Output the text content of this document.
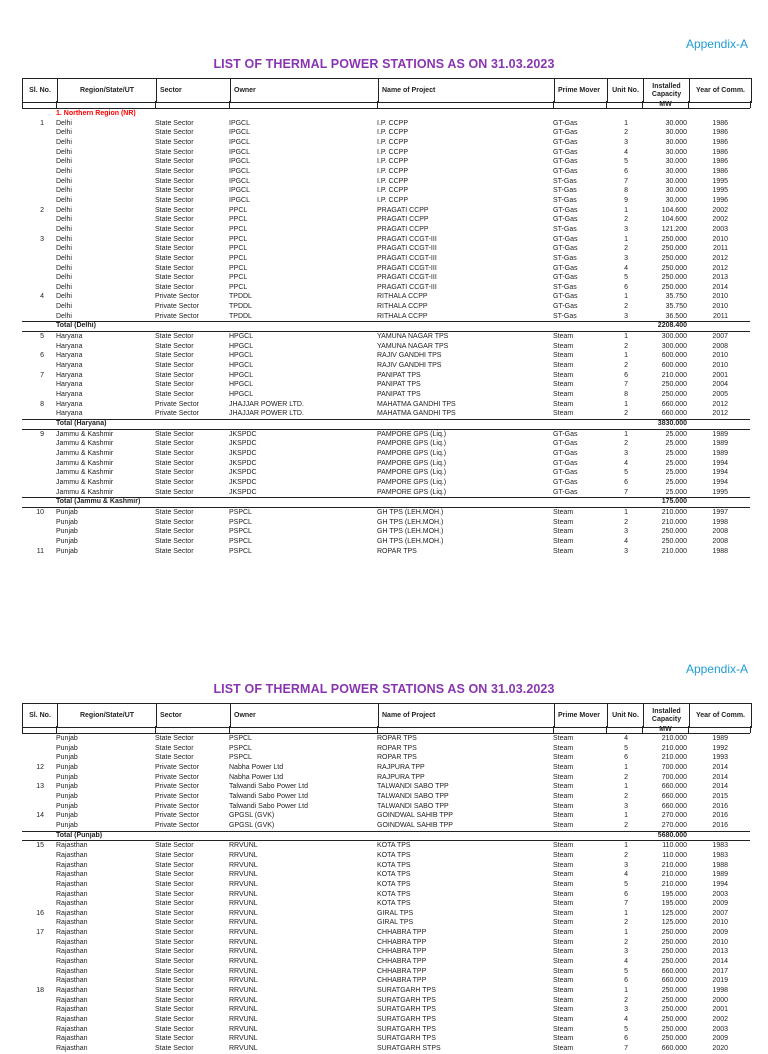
Appendix-A
LIST OF THERMAL POWER STATIONS AS ON 31.03.2023
Sl. No.	Region/State/UT	Sector	Owner	Name of Project	Prime Mover	Unit No.
Installed Capacity	Year of Comm.
MW
1. Northern Region (NR)
1 Delhi	State Sector	IPGCL	I.P. CCPP	GT-Gas	1	30.000	1986
Delhi	State Sector	IPGCL	I.P. CCPP	GT-Gas	2	30.000	1986
Delhi	State Sector	IPGCL	I.P. CCPP	GT-Gas	3	30.000	1986
Delhi	State Sector	IPGCL	I.P. CCPP	GT-Gas	4	30.000	1986
Delhi	State Sector	IPGCL	I.P. CCPP	GT-Gas	5	30.000	1986
Delhi	State Sector	IPGCL	I.P. CCPP	GT-Gas	6	30.000	1986
Delhi	State Sector	IPGCL	I.P. CCPP	ST-Gas	7	30.000	1995
Delhi	State Sector	IPGCL	I.P. CCPP	ST-Gas	8	30.000	1995
Delhi	State Sector	IPGCL	I.P. CCPP	ST-Gas	9	30.000	1996
2 Delhi	State Sector	PPCL	PRAGATI CCPP	GT-Gas	1	104.600	2002
Delhi	State Sector	PPCL	PRAGATI CCPP	GT-Gas	2	104.600	2002
Delhi	State Sector	PPCL	PRAGATI CCPP	ST-Gas	3	121.200	2003
3 Delhi	State Sector	PPCL	PRAGATI CCGT-III	GT-Gas	1	250.000	2010
Delhi	State Sector	PPCL	PRAGATI CCGT-III	GT-Gas	2	250.000	2011
Delhi	State Sector	PPCL	PRAGATI CCGT-III	ST-Gas	3	250.000	2012
Delhi	State Sector	PPCL	PRAGATI CCGT-III	GT-Gas	4	250.000	2012
Delhi	State Sector	PPCL	PRAGATI CCGT-III	GT-Gas	5	250.000	2013
Delhi	State Sector	PPCL	PRAGATI CCGT-III	ST-Gas	6	250.000	2014
4 Delhi	Private Sector	TPDDL	RITHALA CCPP	GT-Gas	1	35.750	2010
Delhi	Private Sector	TPDDL	RITHALA CCPP	GT-Gas	2	35.750	2010
Delhi	Private Sector	TPDDL	RITHALA CCPP	ST-Gas	3	36.500	2011
Total (Delhi)	2208.400
5 Haryana	State Sector	HPGCL	YAMUNA NAGAR TPS	Steam	1	300.000	2007
Haryana	State Sector	HPGCL	YAMUNA NAGAR TPS	Steam	2	300.000	2008
6 Haryana	State Sector	HPGCL	RAJIV GANDHI TPS	Steam	1	600.000	2010
Haryana	State Sector	HPGCL	RAJIV GANDHI TPS	Steam	2	600.000	2010
7 Haryana	State Sector	HPGCL	PANIPAT TPS	Steam	6	210.000	2001
Haryana	State Sector	HPGCL	PANIPAT TPS	Steam	7	250.000	2004
Haryana	State Sector	HPGCL	PANIPAT TPS	Steam	8	250.000	2005
8 Haryana	Private Sector	JHAJJAR POWER LTD.	MAHATMA GANDHI TPS	Steam	1	660.000	2012
Haryana	Private Sector	JHAJJAR POWER LTD.	MAHATMA GANDHI TPS	Steam	2	660.000	2012
Total (Haryana)	3830.000
9 Jammu & Kashmir	State Sector	JKSPDC	PAMPORE GPS (Liq.)	GT-Gas	1	25.000	1989
Jammu & Kashmir	State Sector	JKSPDC	PAMPORE GPS (Liq.)	GT-Gas	2	25.000	1989
Jammu & Kashmir	State Sector	JKSPDC	PAMPORE GPS (Liq.)	GT-Gas	3	25.000	1989
Jammu & Kashmir	State Sector	JKSPDC	PAMPORE GPS (Liq.)	GT-Gas	4	25.000	1994
Jammu & Kashmir	State Sector	JKSPDC	PAMPORE GPS (Liq.)	GT-Gas	5	25.000	1994
Jammu & Kashmir	State Sector	JKSPDC	PAMPORE GPS (Liq.)	GT-Gas	6	25.000	1994
Jammu & Kashmir	State Sector	JKSPDC	PAMPORE GPS (Liq.)	GT-Gas	7	25.000	1995
Total (Jammu & Kashmir)	175.000
10 Punjab	State Sector	PSPCL	GH TPS (LEH.MOH.)	Steam	1	210.000	1997
Punjab	State Sector	PSPCL	GH TPS (LEH.MOH.)	Steam	2	210.000	1998
Punjab	State Sector	PSPCL	GH TPS (LEH.MOH.)	Steam	3	250.000	2008
Punjab	State Sector	PSPCL	GH TPS (LEH.MOH.)	Steam	4	250.000	2008
11 Punjab	State Sector	PSPCL	ROPAR TPS	Steam	3	210.000	1988
Appendix-A
LIST OF THERMAL POWER STATIONS AS ON 31.03.2023
Sl. No.	Region/State/UT	Sector	Owner	Name of Project	Prime Mover	Unit No.
Installed Capacity	Year of Comm.
MW
Punjab	State Sector	PSPCL	ROPAR TPS	Steam	4	210.000	1989
Punjab	State Sector	PSPCL	ROPAR TPS	Steam	5	210.000	1992
Punjab	State Sector	PSPCL	ROPAR TPS	Steam	6	210.000	1993
12 Punjab	Private Sector	Nabha Power Ltd	RAJPURA TPP	Steam	1	700.000	2014
Punjab	Private Sector	Nabha Power Ltd	RAJPURA TPP	Steam	2	700.000	2014
13 Punjab	Private Sector	Talwandi Sabo Power Ltd	TALWANDI SABO TPP	Steam	1	660.000	2014
Punjab	Private Sector	Talwandi Sabo Power Ltd	TALWANDI SABO TPP	Steam	2	660.000	2015
Punjab	Private Sector	Talwandi Sabo Power Ltd	TALWANDI SABO TPP	Steam	3	660.000	2016
14 Punjab	Private Sector	GPGSL (GVK)	GOINDWAL SAHIB TPP	Steam	1	270.000	2016
Punjab	Private Sector	GPGSL (GVK)	GOINDWAL SAHIB TPP	Steam	2	270.000	2016
Total (Punjab)	5680.000
15 Rajasthan	State Sector	RRVUNL	KOTA TPS	Steam	1	110.000	1983
Rajasthan	State Sector	RRVUNL	KOTA TPS	Steam	2	110.000	1983
Rajasthan	State Sector	RRVUNL	KOTA TPS	Steam	3	210.000	1988
Rajasthan	State Sector	RRVUNL	KOTA TPS	Steam	4	210.000	1989
Rajasthan	State Sector	RRVUNL	KOTA TPS	Steam	5	210.000	1994
Rajasthan	State Sector	RRVUNL	KOTA TPS	Steam	6	195.000	2003
Rajasthan	State Sector	RRVUNL	KOTA TPS	Steam	7	195.000	2009
16 Rajasthan	State Sector	RRVUNL	GIRAL TPS	Steam	1	125.000	2007
Rajasthan	State Sector	RRVUNL	GIRAL TPS	Steam	2	125.000	2010
17 Rajasthan	State Sector	RRVUNL	CHHABRA TPP	Steam	1	250.000	2009
Rajasthan	State Sector	RRVUNL	CHHABRA TPP	Steam	2	250.000	2010
Rajasthan	State Sector	RRVUNL	CHHABRA TPP	Steam	3	250.000	2013
Rajasthan	State Sector	RRVUNL	CHHABRA TPP	Steam	4	250.000	2014
Rajasthan	State Sector	RRVUNL	CHHABRA TPP	Steam	5	660.000	2017
Rajasthan	State Sector	RRVUNL	CHHABRA TPP	Steam	6	660.000	2019
18 Rajasthan	State Sector	RRVUNL	SURATGARH TPS	Steam	1	250.000	1998
Rajasthan	State Sector	RRVUNL	SURATGARH TPS	Steam	2	250.000	2000
Rajasthan	State Sector	RRVUNL	SURATGARH TPS	Steam	3	250.000	2001
Rajasthan	State Sector	RRVUNL	SURATGARH TPS	Steam	4	250.000	2002
Rajasthan	State Sector	RRVUNL	SURATGARH TPS	Steam	5	250.000	2003
Rajasthan	State Sector	RRVUNL	SURATGARH TPS	Steam	6	250.000	2009
Rajasthan	State Sector	RRVUNL	SURATGARH STPS	Steam	7	660.000	2020
